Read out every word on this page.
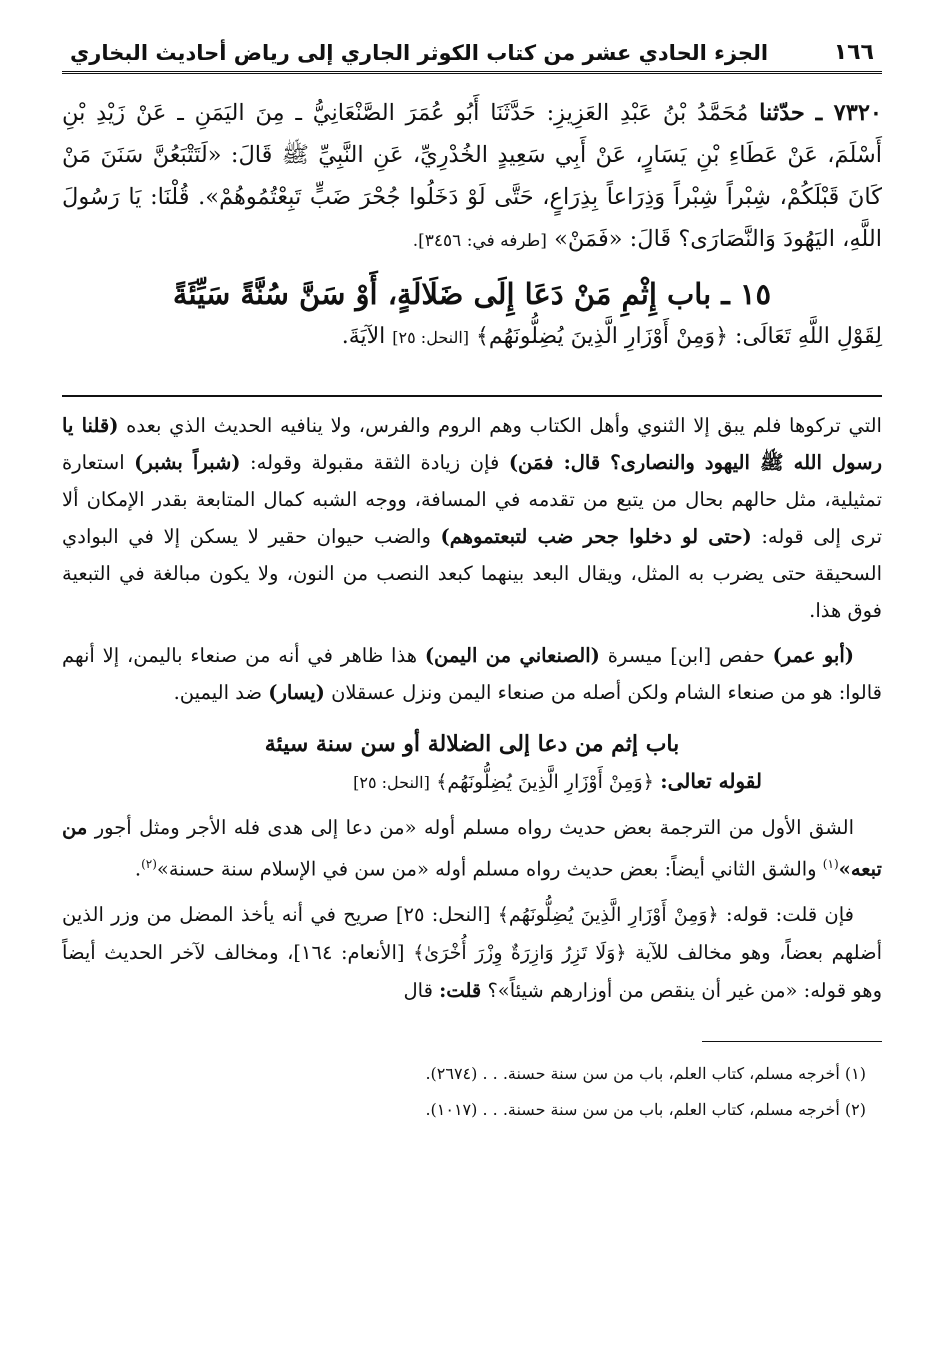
١٦٦
الجزء الحادي عشر من كتاب الكوثر الجاري إلى رياض أحاديث البخاري
٧٣٢٠ ـ حدّثنا مُحَمَّدُ بْنُ عَبْدِ العَزِيزِ: حَدَّثَنَا أَبُو عُمَرَ الصَّنْعَانِيُّ ـ مِنَ اليَمَنِ ـ عَنْ زَيْدِ بْنِ أَسْلَمَ، عَنْ عَطَاءِ بْنِ يَسَارٍ، عَنْ أَبِي سَعِيدٍ الخُدْرِيِّ، عَنِ النَّبِيِّ ﷺ قَالَ: «لَتَتْبَعُنَّ سَنَنَ مَنْ كَانَ قَبْلَكُمْ، شِبْراً شِبْراً وَذِرَاعاً بِذِرَاعٍ، حَتَّى لَوْ دَخَلُوا جُحْرَ ضَبٍّ تَبِعْتُمُوهُمْ». قُلْنَا: يَا رَسُولَ اللَّهِ، اليَهُودَ وَالنَّصَارَى؟ قَالَ: «فَمَنْ» [طرفه في: ٣٤٥٦].
١٥ ـ باب إِثْمِ مَنْ دَعَا إِلَى ضَلَالَةٍ، أَوْ سَنَّ سُنَّةً سَيِّئَةً
لِقَوْلِ اللَّهِ تَعَالَى: ﴿وَمِنْ أَوْزَارِ الَّذِينَ يُضِلُّونَهُم﴾ [النحل: ٢٥] الآيَةَ.

التي تركوها فلم يبق إلا الثنوي وأهل الكتاب وهم الروم والفرس، ولا ينافيه الحديث الذي بعده (قلنا يا رسول الله ﷺ اليهود والنصارى؟ قال: فمَن) فإن زيادة الثقة مقبولة وقوله: (شبراً بشبر) استعارة تمثيلية، مثل حالهم بحال من يتبع من تقدمه في المسافة، ووجه الشبه كمال المتابعة بقدر الإمكان ألا ترى إلى قوله: (حتى لو دخلوا جحر ضب لتبعتموهم) والضب حيوان حقير لا يسكن إلا في البوادي السحيقة حتى يضرب به المثل، ويقال البعد بينهما كبعد النصب من النون، ولا يكون مبالغة في التبعية فوق هذا.

(أبو عمر) حفص [ابن] ميسرة (الصنعاني من اليمن) هذا ظاهر في أنه من صنعاء باليمن، إلا أنهم قالوا: هو من صنعاء الشام ولكن أصله من صنعاء اليمن ونزل عسقلان (يسار) ضد اليمين.

باب إثم من دعا إلى الضلالة أو سن سنة سيئة
لقوله تعالى: ﴿وَمِنْ أَوْزَارِ الَّذِينَ يُضِلُّونَهُم﴾ [النحل: ٢٥]

الشق الأول من الترجمة بعض حديث رواه مسلم أوله «من دعا إلى هدى فله الأجر ومثل أجور من تبعه»$^{(١)}$ والشق الثاني أيضاً: بعض حديث رواه مسلم أوله «من سن في الإسلام سنة حسنة»$^{(٢)}$.

فإن قلت: قوله: ﴿وَمِنْ أَوْزَارِ الَّذِينَ يُضِلُّونَهُم﴾ [النحل: ٢٥] صريح في أنه يأخذ المضل من وزر الذين أضلهم بعضاً، وهو مخالف للآية ﴿وَلَا تَزِرُ وَازِرَةٌ وِزْرَ أُخْرَىٰ﴾ [الأنعام: ١٦٤]، ومخالف لآخر الحديث أيضاً وهو قوله: «من غير أن ينقص من أوزارهم شيئاً»؟ قلت: قال

(١) أخرجه مسلم، كتاب العلم، باب من سن سنة حسنة. . . (٢٦٧٤).
(٢) أخرجه مسلم، كتاب العلم، باب من سن سنة حسنة. . . (١٠١٧).
